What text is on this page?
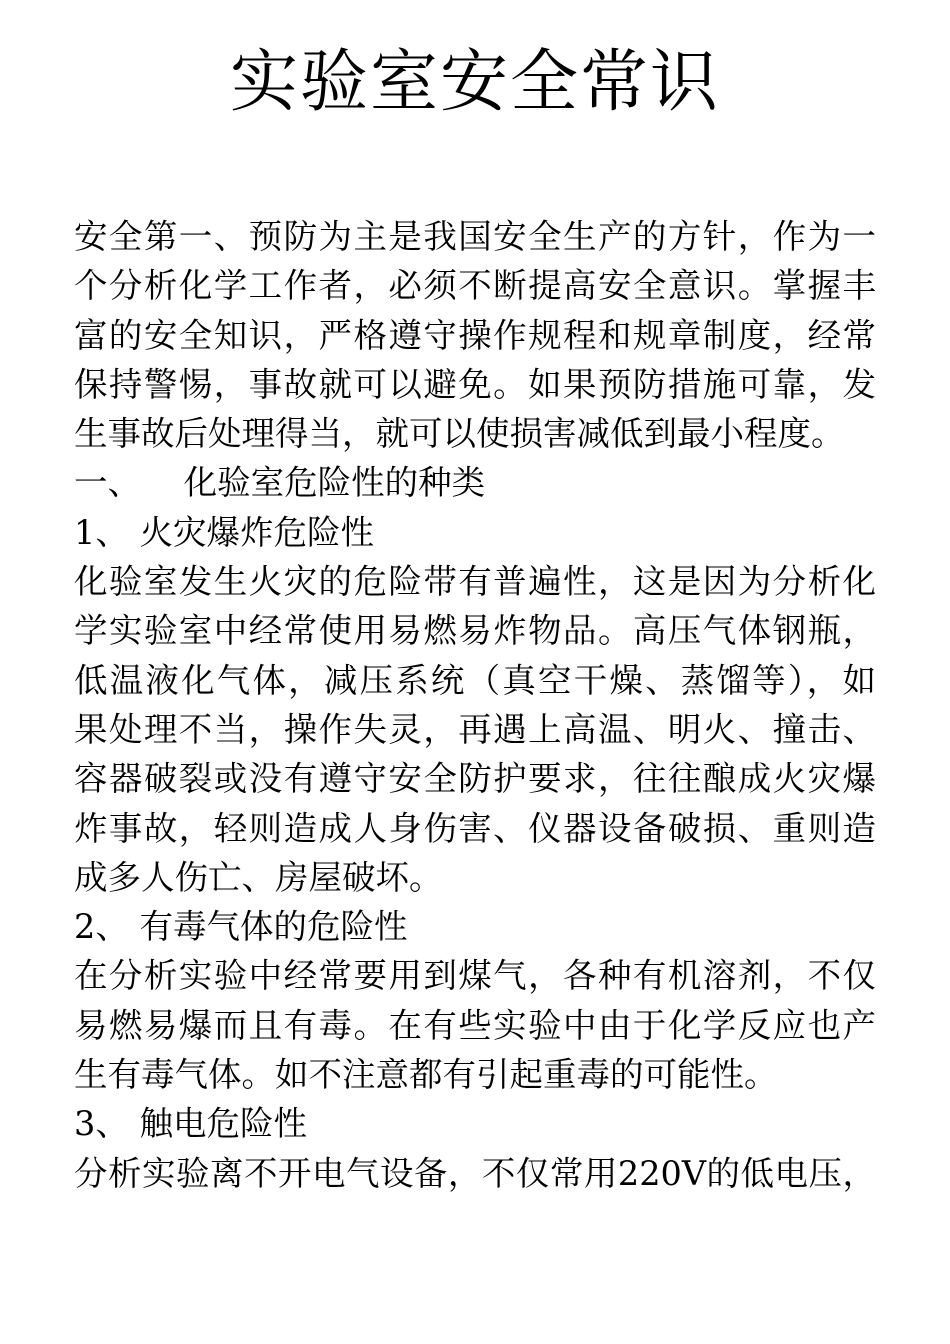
实验室安全常识
安全第一、预防为主是我国安全生产的方针，作为一
个分析化学工作者，必须不断提高安全意识。掌握丰
富的安全知识，严格遵守操作规程和规章制度，经常
保持警惕，事故就可以避免。如果预防措施可靠，发
生事故后处理得当，就可以使损害减低到最小程度。
一、    化验室危险性的种类
1、 火灾爆炸危险性
化验室发生火灾的危险带有普遍性，这是因为分析化
学实验室中经常使用易燃易炸物品。高压气体钢瓶，
低温液化气体，减压系统（真空干燥、蒸馏等），如
果处理不当，操作失灵，再遇上高温、明火、撞击、
容器破裂或没有遵守安全防护要求，往往酿成火灾爆
炸事故，轻则造成人身伤害、仪器设备破损、重则造
成多人伤亡、房屋破坏。
2、 有毒气体的危险性
在分析实验中经常要用到煤气，各种有机溶剂，不仅
易燃易爆而且有毒。在有些实验中由于化学反应也产
生有毒气体。如不注意都有引起重毒的可能性。
3、 触电危险性
分析实验离不开电气设备，不仅常用220V的低电压，
